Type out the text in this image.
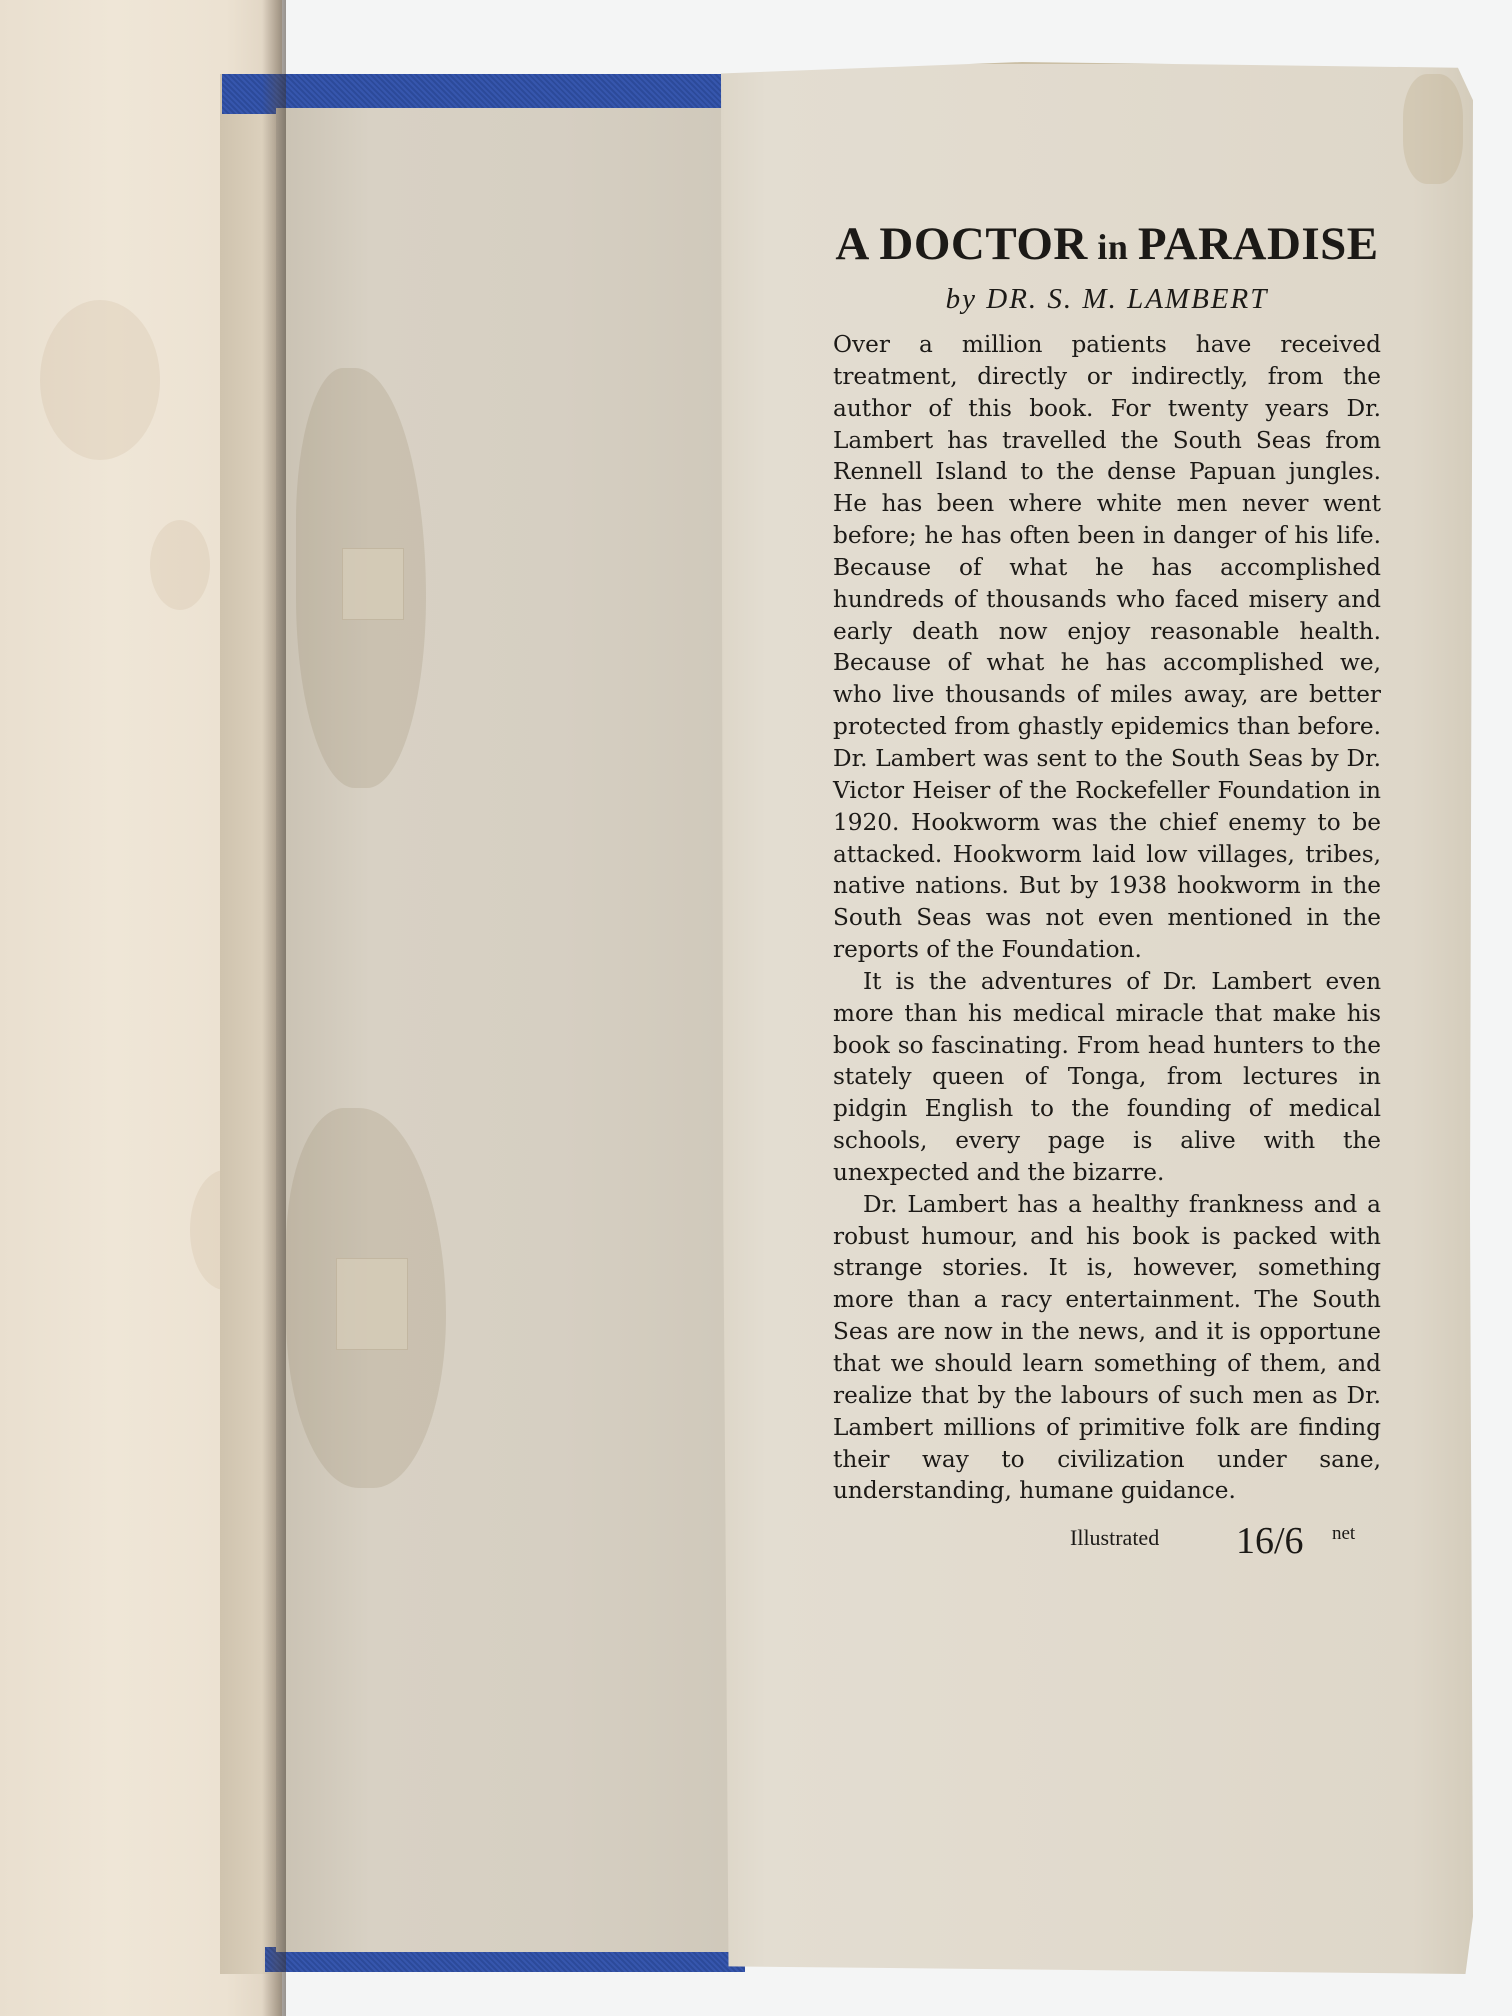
A DOCTOR in PARADISE
by DR. S. M. LAMBERT

Over a million patients have received treatment, directly or indirectly, from the author of this book. For twenty years Dr. Lambert has travelled the South Seas from Rennell Island to the dense Papuan jungles. He has been where white men never went before; he has often been in danger of his life. Because of what he has accomplished hundreds of thousands who faced misery and early death now enjoy reasonable health. Because of what he has accomplished we, who live thousands of miles away, are better protected from ghastly epidemics than before. Dr. Lambert was sent to the South Seas by Dr. Victor Heiser of the Rockefeller Foundation in 1920. Hookworm was the chief enemy to be attacked. Hookworm laid low villages, tribes, native nations. But by 1938 hookworm in the South Seas was not even mentioned in the reports of the Foundation.

It is the adventures of Dr. Lambert even more than his medical miracle that make his book so fascinating. From head hunters to the stately queen of Tonga, from lectures in pidgin English to the founding of medical schools, every page is alive with the unexpected and the bizarre.

Dr. Lambert has a healthy frankness and a robust humour, and his book is packed with strange stories. It is, however, something more than a racy entertainment. The South Seas are now in the news, and it is opportune that we should learn something of them, and realize that by the labours of such men as Dr. Lambert millions of primitive folk are finding their way to civilization under sane, understanding, humane guidance.

Illustrated 16/6 net
